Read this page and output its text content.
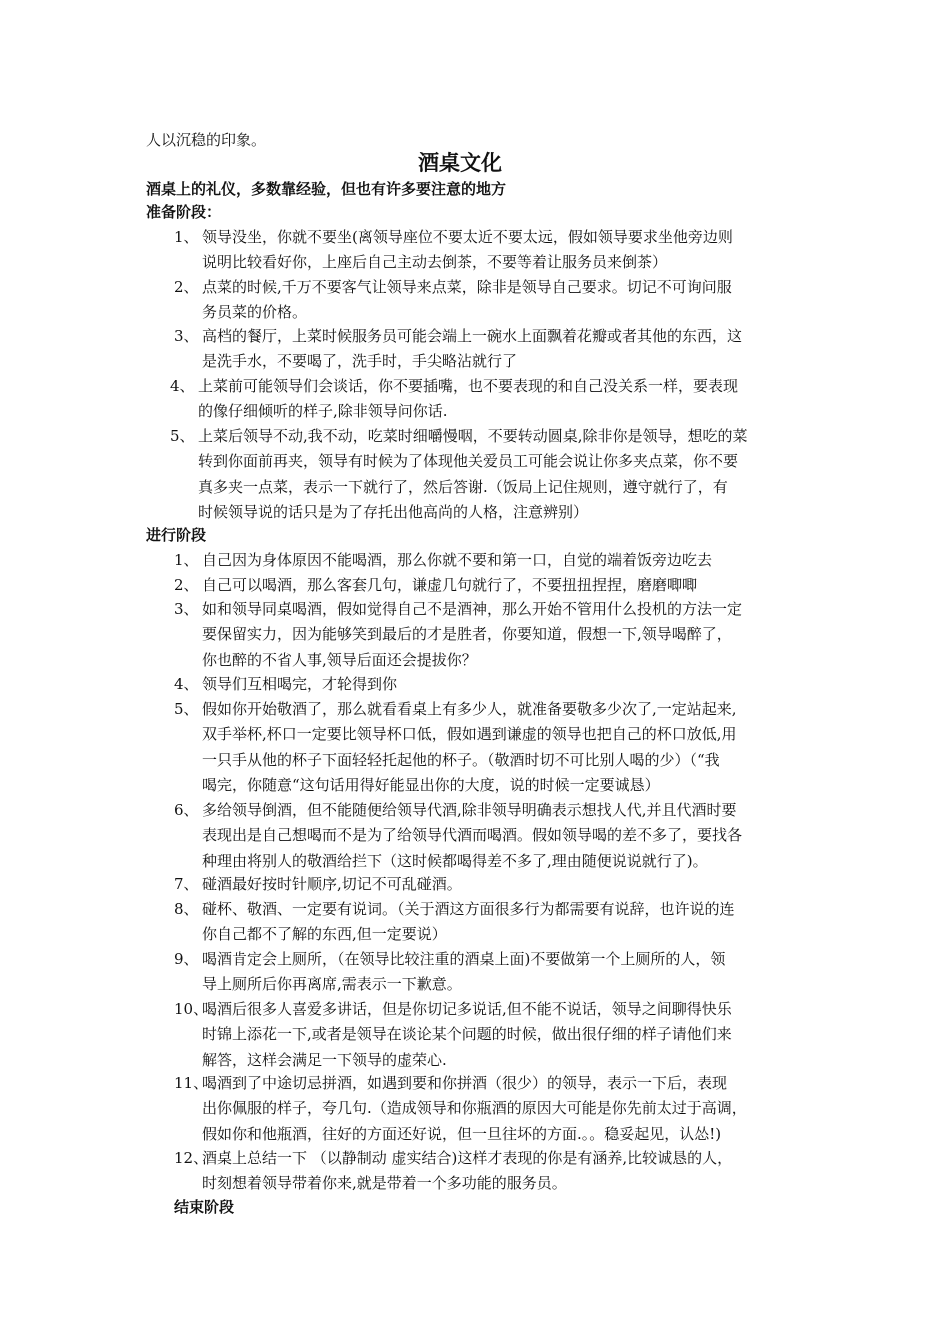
人以沉稳的印象。
酒桌文化
酒桌上的礼仪，多数靠经验，但也有许多要注意的地方
准备阶段：
1、 领导没坐，你就不要坐(离领导座位不要太近不要太远，假如领导要求坐他旁边则
说明比较看好你，上座后自己主动去倒茶，不要等着让服务员来倒茶）
2、 点菜的时候,千万不要客气让领导来点菜，除非是领导自己要求。切记不可询问服
务员菜的价格。
3、 高档的餐厅，上菜时候服务员可能会端上一碗水上面飘着花瓣或者其他的东西，这
是洗手水，不要喝了，洗手时，手尖略沾就行了
4、 上菜前可能领导们会谈话，你不要插嘴，也不要表现的和自己没关系一样，要表现
的像仔细倾听的样子,除非领导问你话.
5、 上菜后领导不动,我不动，吃菜时细嚼慢咽，不要转动圆桌,除非你是领导，想吃的菜
转到你面前再夹，领导有时候为了体现他关爱员工可能会说让你多夹点菜，你不要
真多夹一点菜，表示一下就行了，然后答谢.（饭局上记住规则，遵守就行了，有
时候领导说的话只是为了存托出他高尚的人格，注意辨别）
进行阶段
1、 自己因为身体原因不能喝酒，那么你就不要和第一口，自觉的端着饭旁边吃去
2、 自己可以喝酒，那么客套几句，谦虚几句就行了，不要扭扭捏捏，磨磨唧唧
3、 如和领导同桌喝酒，假如觉得自己不是酒神，那么开始不管用什么投机的方法一定
要保留实力，因为能够笑到最后的才是胜者，你要知道，假想一下,领导喝醉了，
你也醉的不省人事,领导后面还会提拔你？
4、 领导们互相喝完，才轮得到你
5、 假如你开始敬酒了，那么就看看桌上有多少人，就准备要敬多少次了,一定站起来,
双手举杯,杯口一定要比领导杯口低，假如遇到谦虚的领导也把自己的杯口放低,用
一只手从他的杯子下面轻轻托起他的杯子。（敬酒时切不可比别人喝的少）（“我
喝完，你随意“这句话用得好能显出你的大度，说的时候一定要诚恳）
6、 多给领导倒酒，但不能随便给领导代酒,除非领导明确表示想找人代,并且代酒时要
表现出是自己想喝而不是为了给领导代酒而喝酒。假如领导喝的差不多了，要找各
种理由将别人的敬酒给拦下（这时候都喝得差不多了,理由随便说说就行了)。
7、 碰酒最好按时针顺序,切记不可乱碰酒。
8、 碰杯、敬酒、一定要有说词。（关于酒这方面很多行为都需要有说辞，也许说的连
你自己都不了解的东西,但一定要说）
9、 喝酒肯定会上厕所，（在领导比较注重的酒桌上面)不要做第一个上厕所的人，领
导上厕所后你再离席,需表示一下歉意。
10、喝酒后很多人喜爱多讲话，但是你切记多说话,但不能不说话，领导之间聊得快乐
时锦上添花一下,或者是领导在谈论某个问题的时候，做出很仔细的样子请他们来
解答，这样会满足一下领导的虚荣心.
11、喝酒到了中途切忌拼酒，如遇到要和你拼酒（很少）的领导，表示一下后，表现
出你佩服的样子，夸几句.（造成领导和你瓶酒的原因大可能是你先前太过于高调，
假如你和他瓶酒，往好的方面还好说，但一旦往坏的方面.。。稳妥起见，认怂!)
12、酒桌上总结一下 （以静制动 虚实结合)这样才表现的你是有涵养,比较诚恳的人，
时刻想着领导带着你来,就是带着一个多功能的服务员。
结束阶段
